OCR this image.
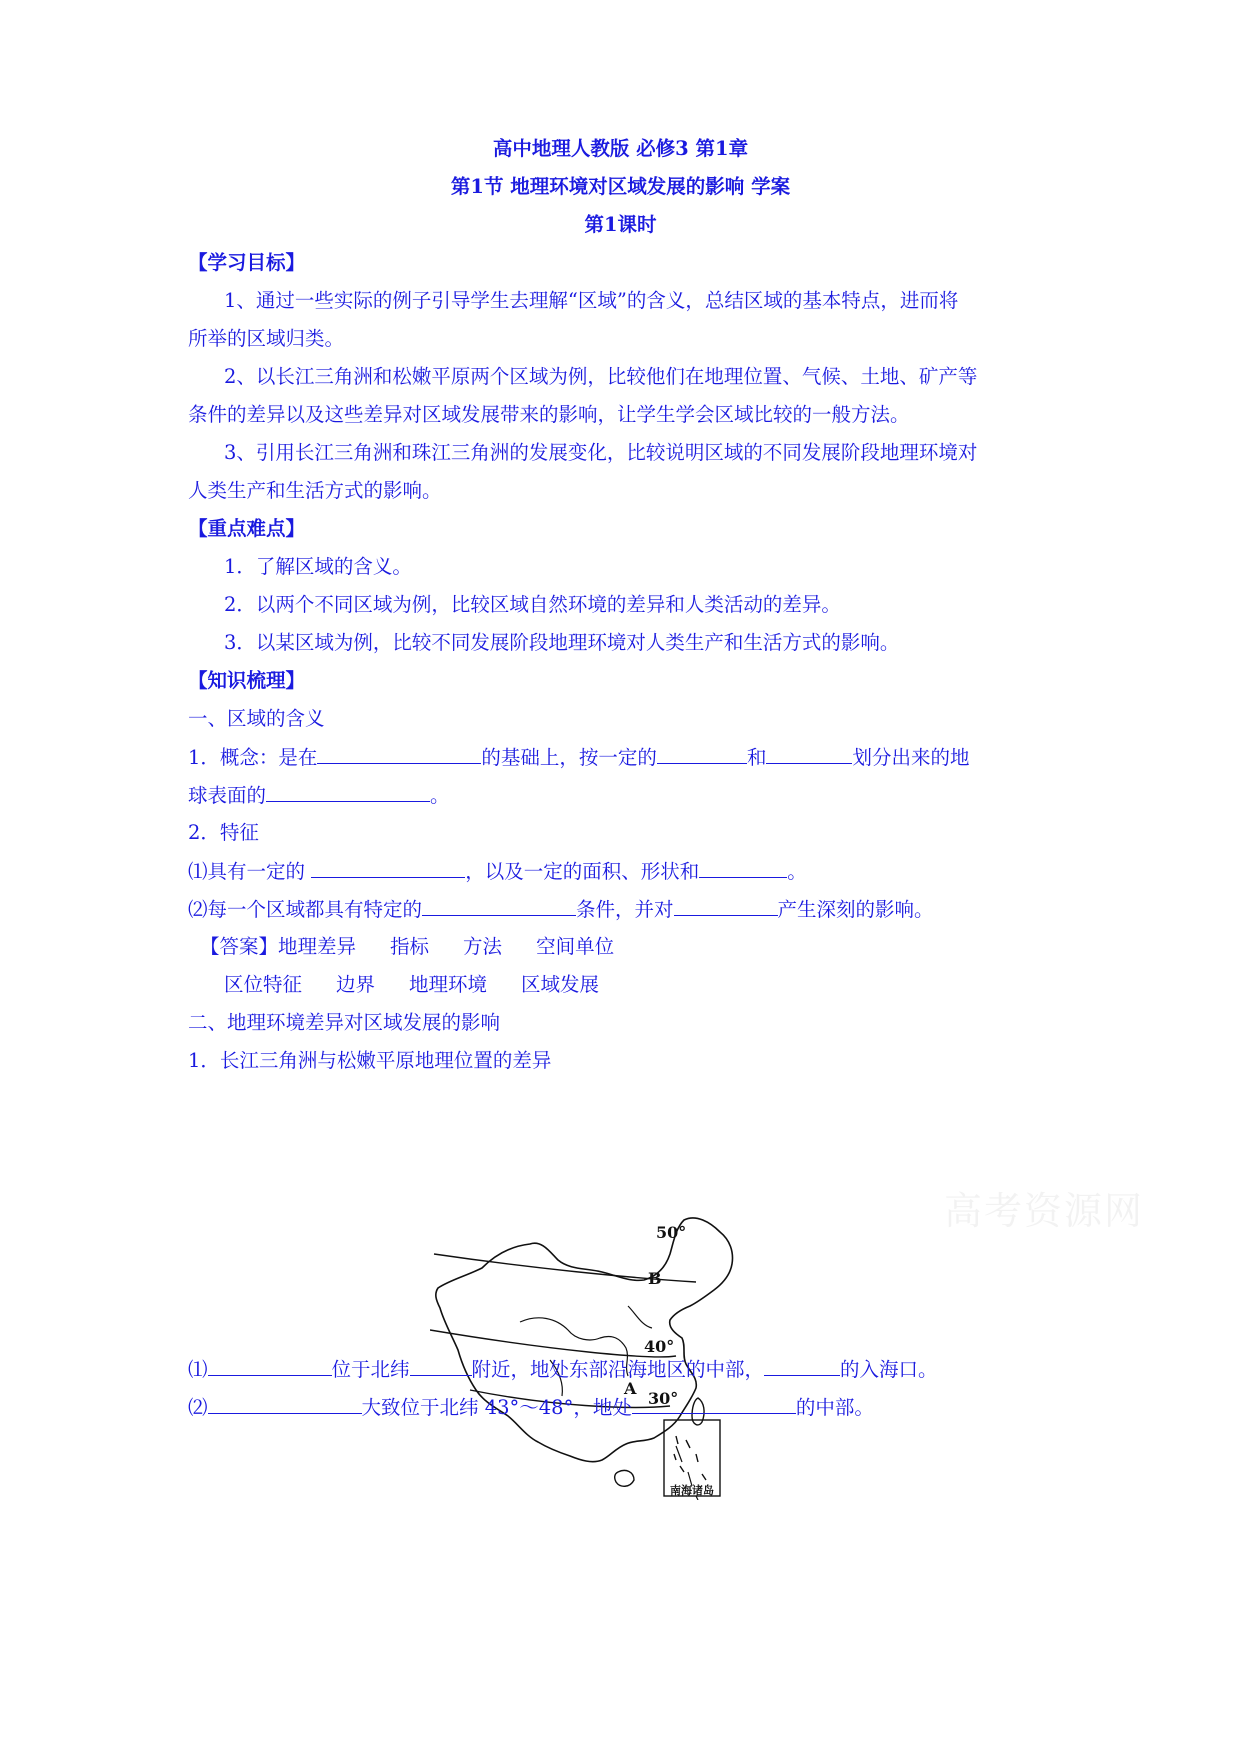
高中地理人教版 必修3 第1章
第1节 地理环境对区域发展的影响 学案
第1课时
【学习目标】
1、通过一些实际的例子引导学生去理解“区域”的含义，总结区域的基本特点，进而将
所举的区域归类。
2、以长江三角洲和松嫩平原两个区域为例，比较他们在地理位置、气候、土地、矿产等
条件的差异以及这些差异对区域发展带来的影响，让学生学会区域比较的一般方法。
3、引用长江三角洲和珠江三角洲的发展变化，比较说明区域的不同发展阶段地理环境对
人类生产和生活方式的影响。
【重点难点】
1．了解区域的含义。
2．以两个不同区域为例，比较区域自然环境的差异和人类活动的差异。
3．以某区域为例，比较不同发展阶段地理环境对人类生产和生活方式的影响。
【知识梳理】
一、区域的含义
1．概念：是在	的基础上，按一定的	和	划分出来的地
球表面的	。
2．特征
⑴具有一定的	，以及一定的面积、形状和	。
⑵每一个区域都具有特定的	条件，并对	产生深刻的影响。
【答案】地理差异 指标 方法 空间单位
区位特征 边界 地理环境 区域发展
二、地理环境差异对区域发展的影响
1．长江三角洲与松嫩平原地理位置的差异
高考资源网
50°
40°
30°
B
A
南海诸岛
⑴	位于北纬	附近，地处东部沿海地区的中部，	的入海口。
⑵	大致位于北纬 43°～48°，地处	的中部。
